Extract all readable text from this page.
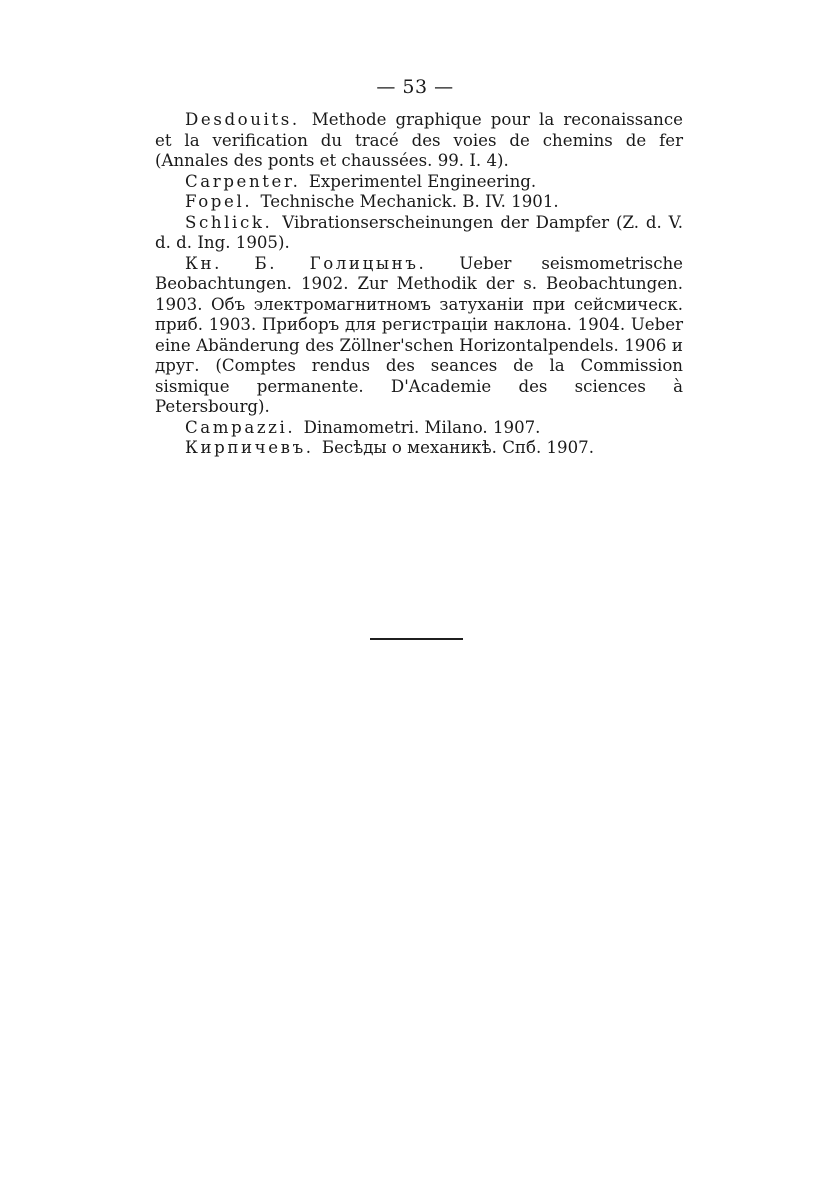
— 53 —

Desdouits. Methode graphique pour la reconaissance et la verification du tracé des voies de chemins de fer (Annales des ponts et chaussées. 99. I. 4).

Carpenter. Experimentel Engineering.

Fopel. Technische Mechanick. B. IV. 1901.

Schlick. Vibrationserscheinungen der Dampfer (Z. d. V. d. d. Ing. 1905).

Кн. Б. Голицынъ. Ueber seismometrische Beobachtungen. 1902. Zur Methodik der s. Beobachtungen. 1903. Объ электромагнитномъ затуханіи при сейсмическ. приб. 1903. Приборъ для регистраціи наклона. 1904. Ueber eine Abänderung des Zöllner'schen Horizontalpendels. 1906 и друг. (Comptes rendus des seances de la Commission sismique permanente. D'Academie des sciences à Petersbourg).

Campazzi. Dinamometri. Milano. 1907.

Кирпичевъ. Бесѣды о механикѣ. Спб. 1907.
